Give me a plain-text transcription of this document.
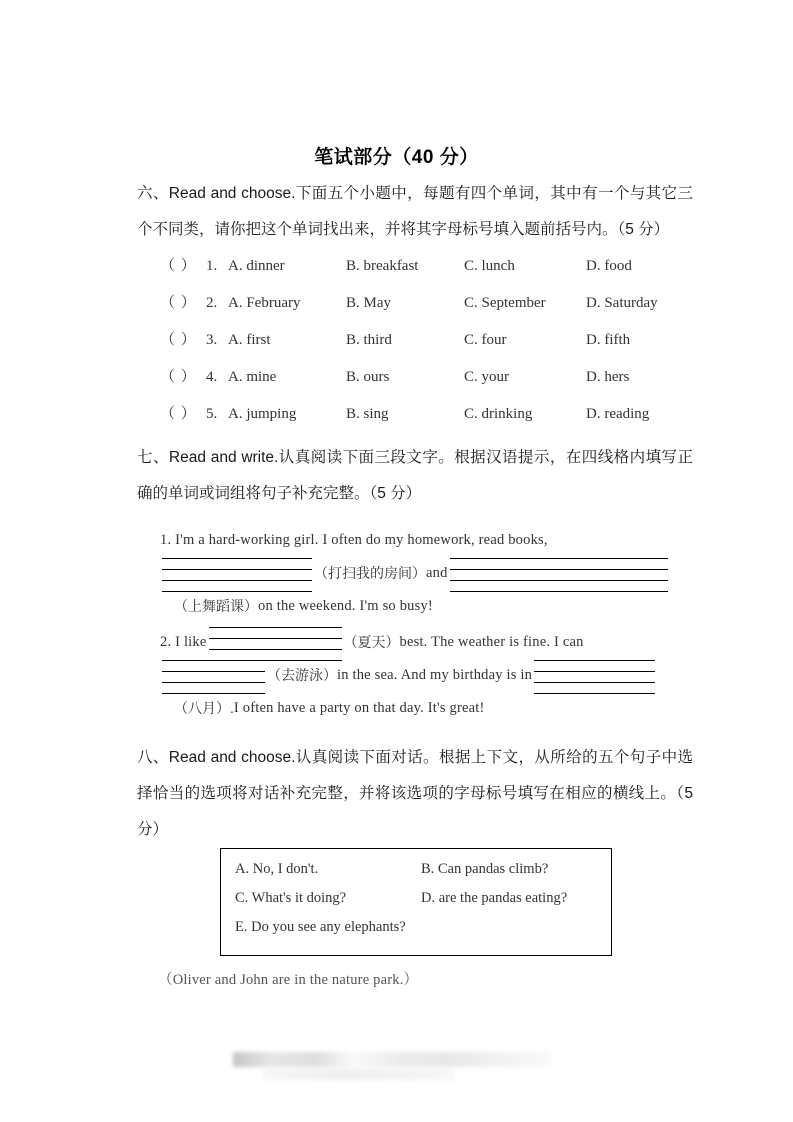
笔试部分（40 分）
六、Read and choose.下面五个小题中，每题有四个单词，其中有一个与其它三个不同类，请你把这个单词找出来，并将其字母标号填入题前括号内。（5 分）
（ ） 1. A. dinner	B. breakfast	C. lunch	D. food
（ ） 2. A. February	B. May	C. September	D. Saturday
（ ） 3. A. first	B. third	C. four	D. fifth
（ ） 4. A. mine	B. ours	C. your	D. hers
（ ） 5. A. jumping	B. sing	C. drinking	D. reading
七、Read and write.认真阅读下面三段文字。根据汉语提示，在四线格内填写正确的单词或词组将句子补充完整。（5 分）
1. I'm a hard-working girl. I often do my homework, read books,
（打扫我的房间） and
（上舞蹈课） on the weekend. I'm so busy!
2. I like	（夏天） best. The weather is fine. I can
（去游泳） in the sea. And my birthday is in
（八月）. I often have a party on that day. It's great!
八、Read and choose.认真阅读下面对话。根据上下文，从所给的五个句子中选择恰当的选项将对话补充完整，并将该选项的字母标号填写在相应的横线上。（5 分）
A. No, I don't.	B. Can pandas climb?
C. What's it doing?	D. are the pandas eating?
E. Do you see any elephants?
（Oliver and John are in the nature park.）
